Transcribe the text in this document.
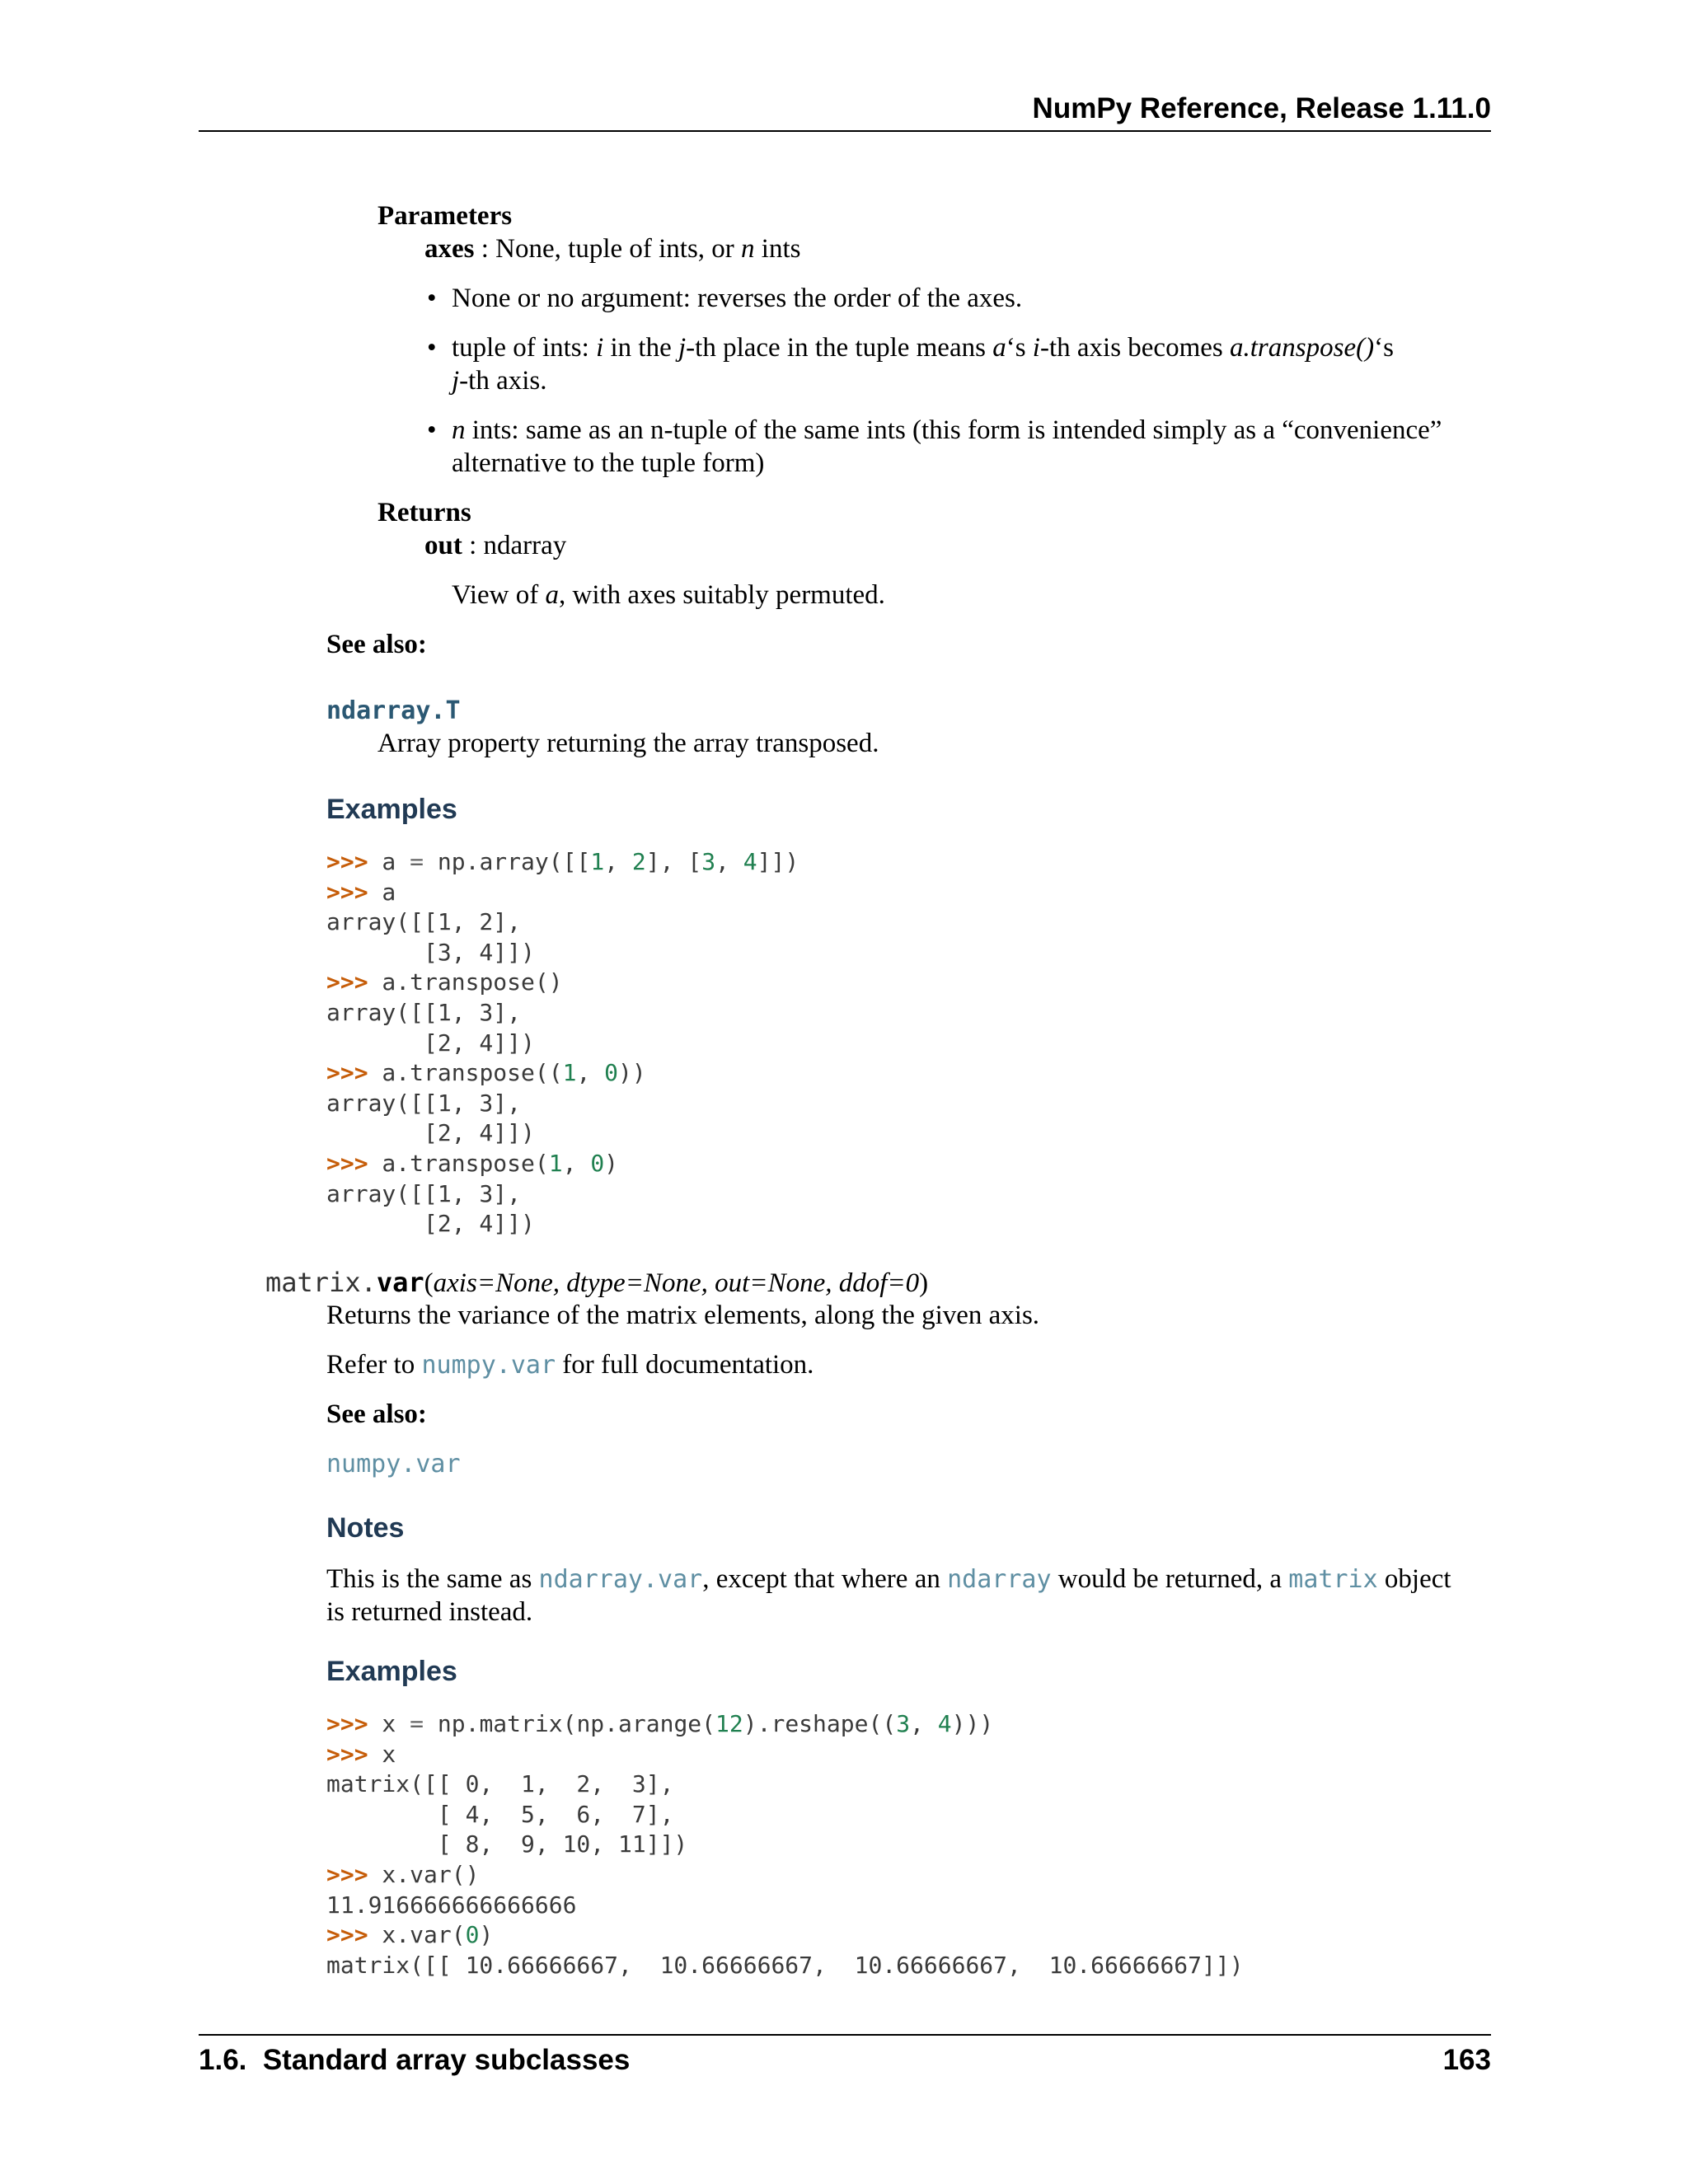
NumPy Reference, Release 1.11.0
Parameters
axes : None, tuple of ints, or n ints
• None or no argument: reverses the order of the axes.
• tuple of ints: i in the j-th place in the tuple means a‘s i-th axis becomes a.transpose()‘s
j-th axis.
• n ints: same as an n-tuple of the same ints (this form is intended simply as a “convenience”
alternative to the tuple form)
Returns
out : ndarray
View of a, with axes suitably permuted.
See also:
ndarray.T
Array property returning the array transposed.
Examples
>>> a = np.array([[1, 2], [3, 4]])
>>> a
array([[1, 2],
[3, 4]])
>>> a.transpose()
array([[1, 3],
[2, 4]])
>>> a.transpose((1, 0))
array([[1, 3],
[2, 4]])
>>> a.transpose(1, 0)
array([[1, 3],
[2, 4]])
matrix.var(axis=None, dtype=None, out=None, ddof=0)
Returns the variance of the matrix elements, along the given axis.
Refer to numpy.var for full documentation.
See also:
numpy.var
Notes
This is the same as ndarray.var, except that where an ndarray would be returned, a matrix object
is returned instead.
Examples
>>> x = np.matrix(np.arange(12).reshape((3, 4)))
>>> x
matrix([[ 0,  1,  2,  3],
[ 4,  5,  6,  7],
[ 8,  9, 10, 11]])
>>> x.var()
11.916666666666666
>>> x.var(0)
matrix([[ 10.66666667,  10.66666667,  10.66666667,  10.66666667]])
1.6.  Standard array subclasses	163
